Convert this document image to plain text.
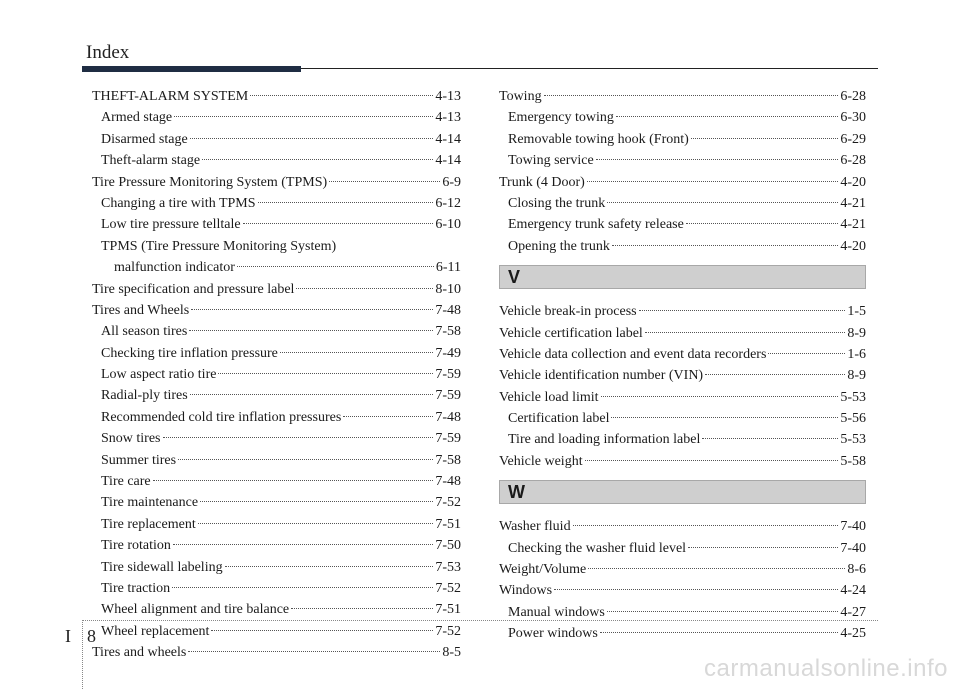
Index
THEFT-ALARM SYSTEM	4-13
Armed stage	4-13
Disarmed stage	4-14
Theft-alarm stage	4-14
Tire Pressure Monitoring System (TPMS)	6-9
Changing a tire with TPMS	6-12
Low tire pressure telltale	6-10
TPMS (Tire Pressure Monitoring System)
malfunction indicator	6-11
Tire specification and pressure label	8-10
Tires and Wheels	7-48
All season tires	7-58
Checking tire inflation pressure	7-49
Low aspect ratio tire	7-59
Radial-ply tires	7-59
Recommended cold tire inflation pressures	7-48
Snow tires	7-59
Summer tires	7-58
Tire care	7-48
Tire maintenance	7-52
Tire replacement	7-51
Tire rotation	7-50
Tire sidewall labeling	7-53
Tire traction	7-52
Wheel alignment and tire balance	7-51
Wheel replacement	7-52
Tires and wheels	8-5
Towing	6-28
Emergency towing	6-30
Removable towing hook (Front)	6-29
Towing service	6-28
Trunk (4 Door)	4-20
Closing the trunk	4-21
Emergency trunk safety release	4-21
Opening the trunk	4-20
V
Vehicle break-in process	1-5
Vehicle certification label	8-9
Vehicle data collection and event data recorders	1-6
Vehicle identification number (VIN)	8-9
Vehicle load limit	5-53
Certification label	5-56
Tire and loading information label	5-53
Vehicle weight	5-58
W
Washer fluid	7-40
Checking the washer fluid level	7-40
Weight/Volume	8-6
Windows	4-24
Manual windows	4-27
Power windows	4-25
I 8
carmanualsonline.info
